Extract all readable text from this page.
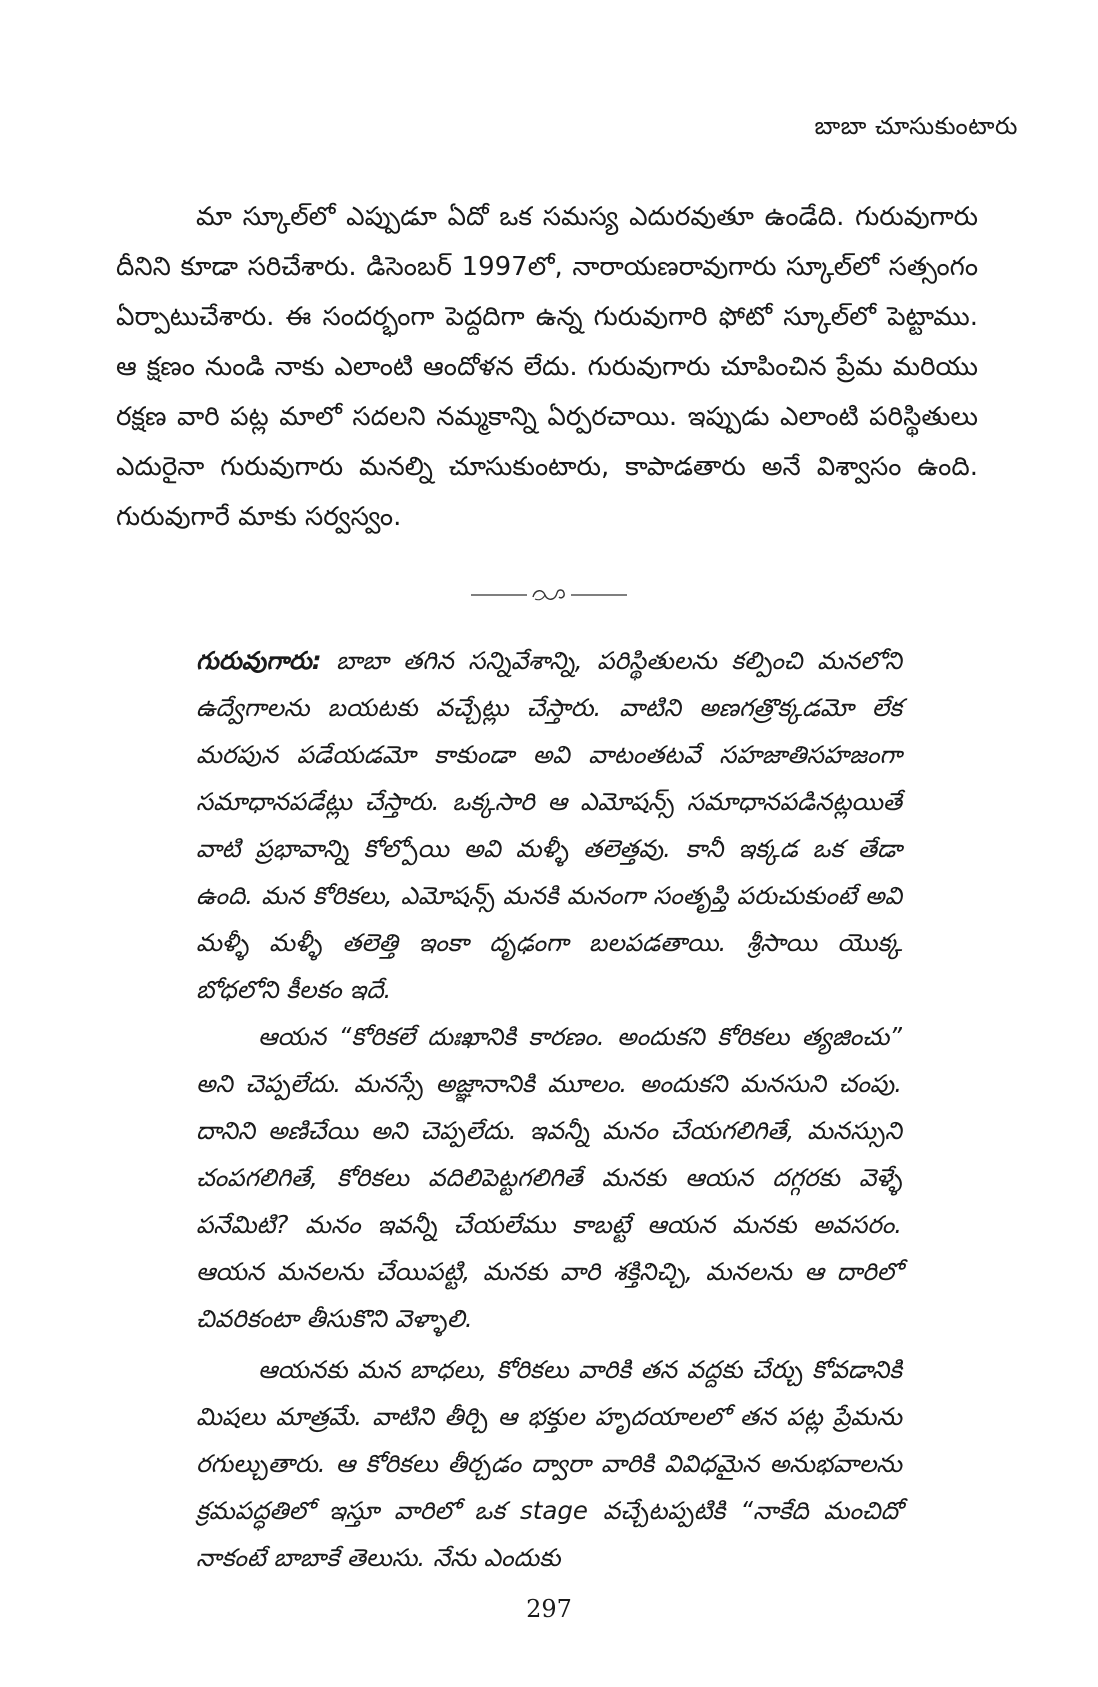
బాబా చూసుకుంటారు

మా స్కూల్‌లో ఎప్పుడూ ఏదో ఒక సమస్య ఎదురవుతూ ఉండేది. గురువుగారు దీనిని కూడా సరిచేశారు. డిసెంబర్ 1997లో, నారాయణరావుగారు స్కూల్‌లో సత్సంగం ఏర్పాటుచేశారు. ఈ సందర్భంగా పెద్దదిగా ఉన్న గురువుగారి ఫోటో స్కూల్‌లో పెట్టాము. ఆ క్షణం నుండి నాకు ఎలాంటి ఆందోళన లేదు. గురువుగారు చూపించిన ప్రేమ మరియు రక్షణ వారి పట్ల మాలో సదలని నమ్మకాన్ని ఏర్పరచాయి. ఇప్పుడు ఎలాంటి పరిస్థితులు ఎదురైనా గురువుగారు మనల్ని చూసుకుంటారు, కాపాడతారు అనే విశ్వాసం ఉంది. గురువుగారే మాకు సర్వస్వం.

గురువుగారు: బాబా తగిన సన్నివేశాన్ని, పరిస్థితులను కల్పించి మనలోని ఉద్వేగాలను బయటకు వచ్చేట్లు చేస్తారు. వాటిని అణగత్రొక్కడమో లేక మరపున పడేయడమో కాకుండా అవి వాటంతటవే సహజాతిసహజంగా సమాధానపడేట్లు చేస్తారు. ఒక్కసారి ఆ ఎమోషన్స్ సమాధానపడినట్లయితే వాటి ప్రభావాన్ని కోల్పోయి అవి మళ్ళీ తలెత్తవు. కానీ ఇక్కడ ఒక తేడా ఉంది. మన కోరికలు, ఎమోషన్స్ మనకి మనంగా సంతృప్తి పరుచుకుంటే అవి మళ్ళీ మళ్ళీ తలెత్తి ఇంకా దృఢంగా బలపడతాయి. శ్రీసాయి యొక్క బోధలోని కీలకం ఇదే.

ఆయన “కోరికలే దుఃఖానికి కారణం. అందుకని కోరికలు త్యజించు” అని చెప్పలేదు. మనస్సే అజ్ఞానానికి మూలం. అందుకని మనసుని చంపు. దానిని అణిచేయి అని చెప్పలేదు. ఇవన్నీ మనం చేయగలిగితే, మనస్సుని చంపగలిగితే, కోరికలు వదిలిపెట్టగలిగితే మనకు ఆయన దగ్గరకు వెళ్ళే పనేమిటి? మనం ఇవన్నీ చేయలేము కాబట్టే ఆయన మనకు అవసరం. ఆయన మనలను చేయిపట్టి, మనకు వారి శక్తినిచ్చి, మనలను ఆ దారిలో చివరికంటా తీసుకొని వెళ్ళాలి.

ఆయనకు మన బాధలు, కోరికలు వారికి తన వద్దకు చేర్చు కోవడానికి మిషలు మాత్రమే. వాటిని తీర్చి ఆ భక్తుల హృదయాలలో తన పట్ల ప్రేమను రగుల్చుతారు. ఆ కోరికలు తీర్చడం ద్వారా వారికి వివిధమైన అనుభవాలను క్రమపద్ధతిలో ఇస్తూ వారిలో ఒక stage వచ్చేటప్పటికి “నాకేది మంచిదో నాకంటే బాబాకే తెలుసు. నేను ఎందుకు

297
